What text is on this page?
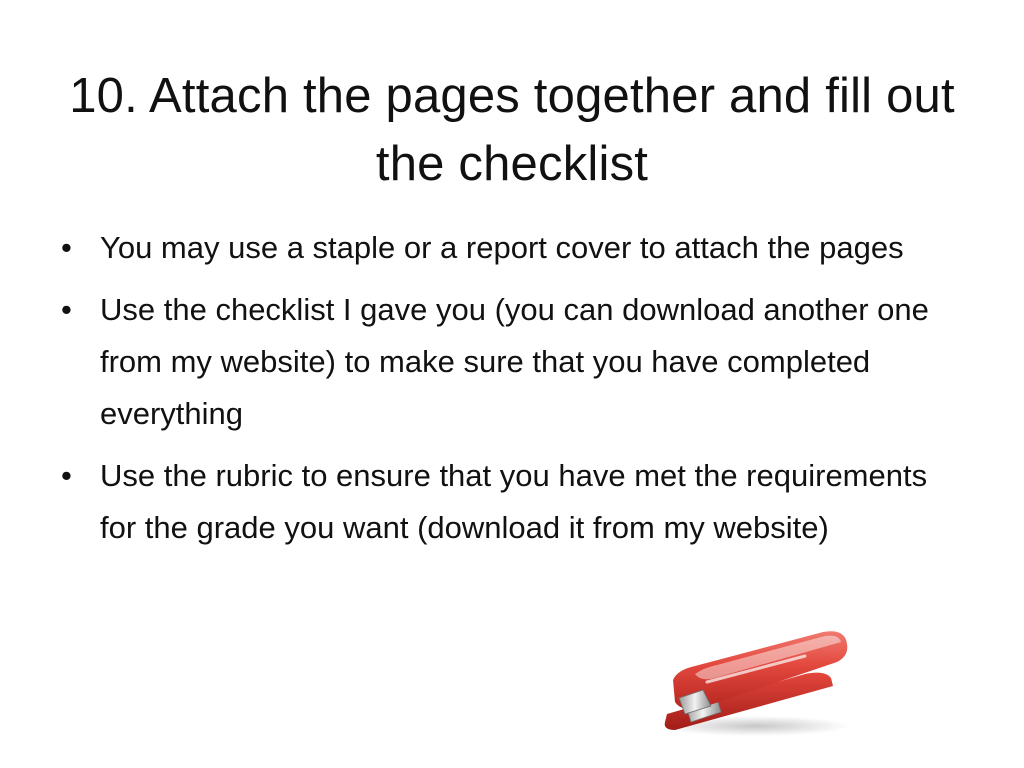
10. Attach the pages together and fill out the checklist
• You may use a staple or a report cover to attach the pages
• Use the checklist I gave you (you can download another one from my website) to make sure that you have completed everything
• Use the rubric to ensure that you have met the requirements for the grade you want (download it from my website)
